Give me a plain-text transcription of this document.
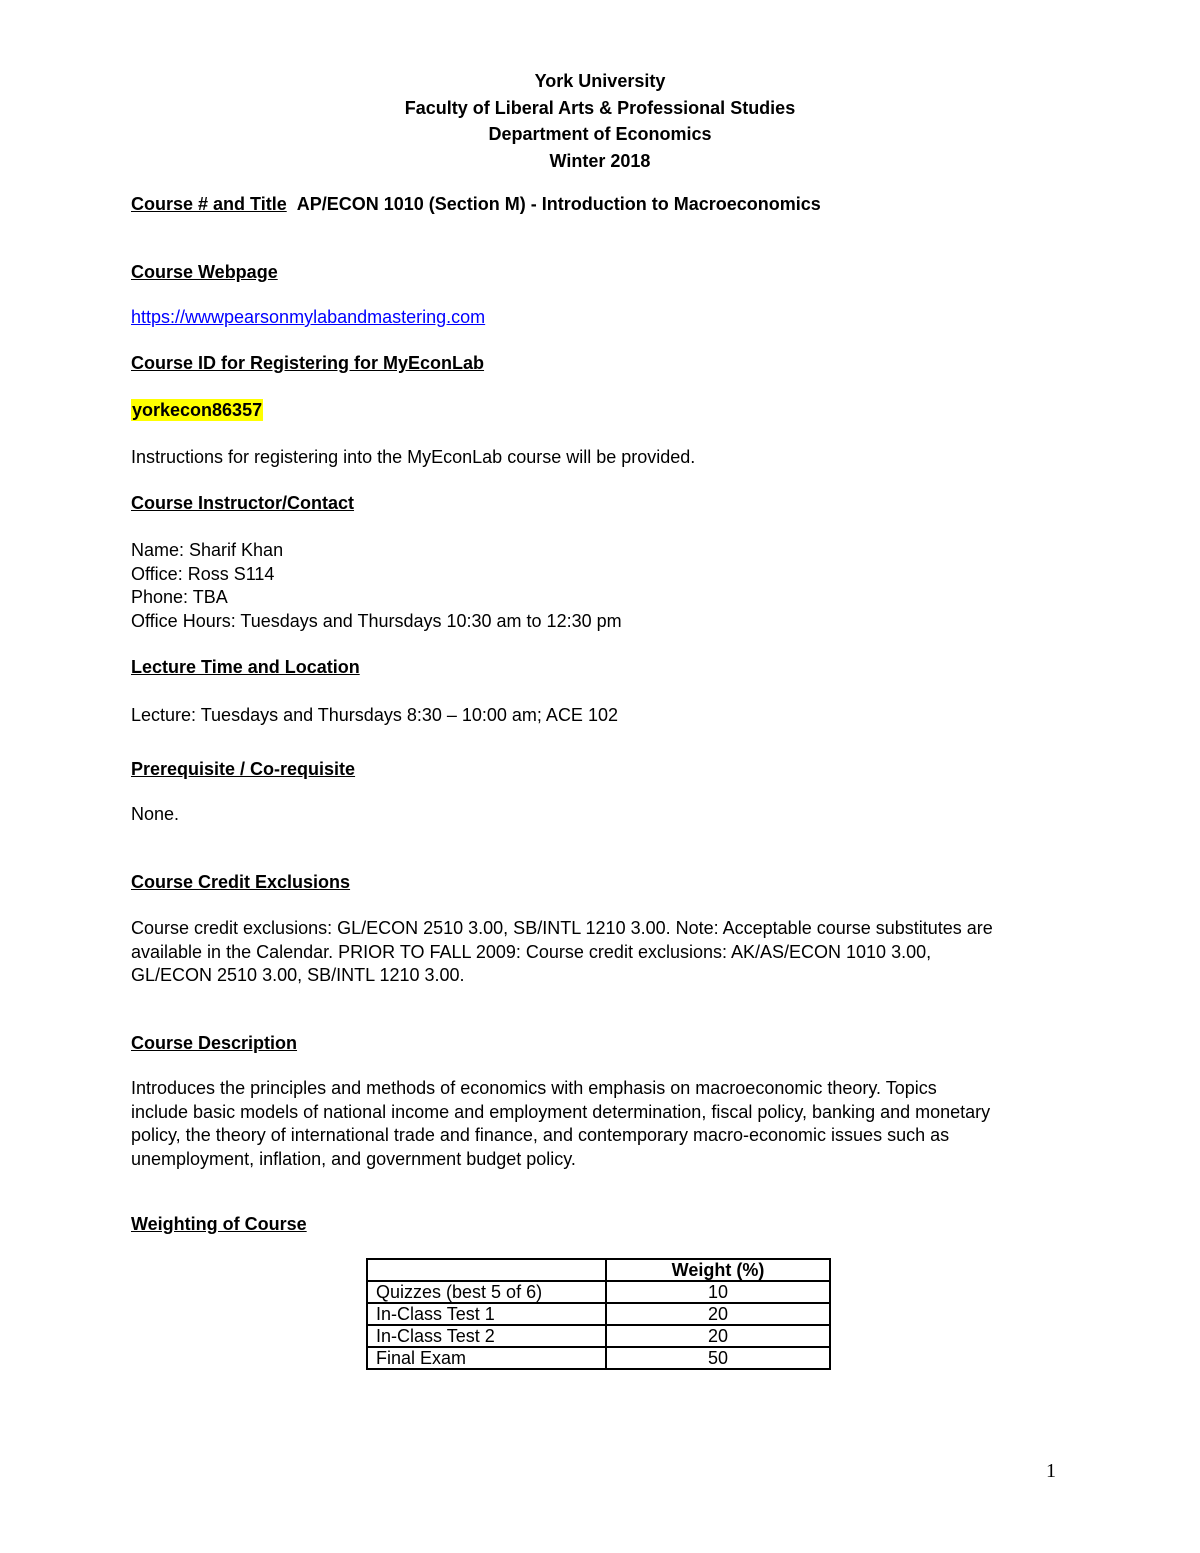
York University
Faculty of Liberal Arts & Professional Studies
Department of Economics
Winter 2018
Course # and Title AP/ECON 1010 (Section M) - Introduction to Macroeconomics
Course Webpage
https://wwwpearsonmylabandmastering.com
Course ID for Registering for MyEconLab
yorkecon86357
Instructions for registering into the MyEconLab course will be provided.
Course Instructor/Contact
Name: Sharif Khan
Office: Ross S114
Phone: TBA
Office Hours: Tuesdays and Thursdays 10:30 am to 12:30 pm
Lecture Time and Location
Lecture: Tuesdays and Thursdays 8:30 – 10:00 am; ACE 102
Prerequisite / Co-requisite
None.
Course Credit Exclusions
Course credit exclusions: GL/ECON 2510 3.00, SB/INTL 1210 3.00. Note: Acceptable course substitutes are
available in the Calendar. PRIOR TO FALL 2009: Course credit exclusions: AK/AS/ECON 1010 3.00,
GL/ECON 2510 3.00, SB/INTL 1210 3.00.
Course Description
Introduces the principles and methods of economics with emphasis on macroeconomic theory. Topics
include basic models of national income and employment determination, fiscal policy, banking and monetary
policy, the theory of international trade and finance, and contemporary macro-economic issues such as
unemployment, inflation, and government budget policy.
Weighting of Course
	Weight (%)
Quizzes (best 5 of 6)	10
In-Class Test 1	20
In-Class Test 2	20
Final Exam	50
1
